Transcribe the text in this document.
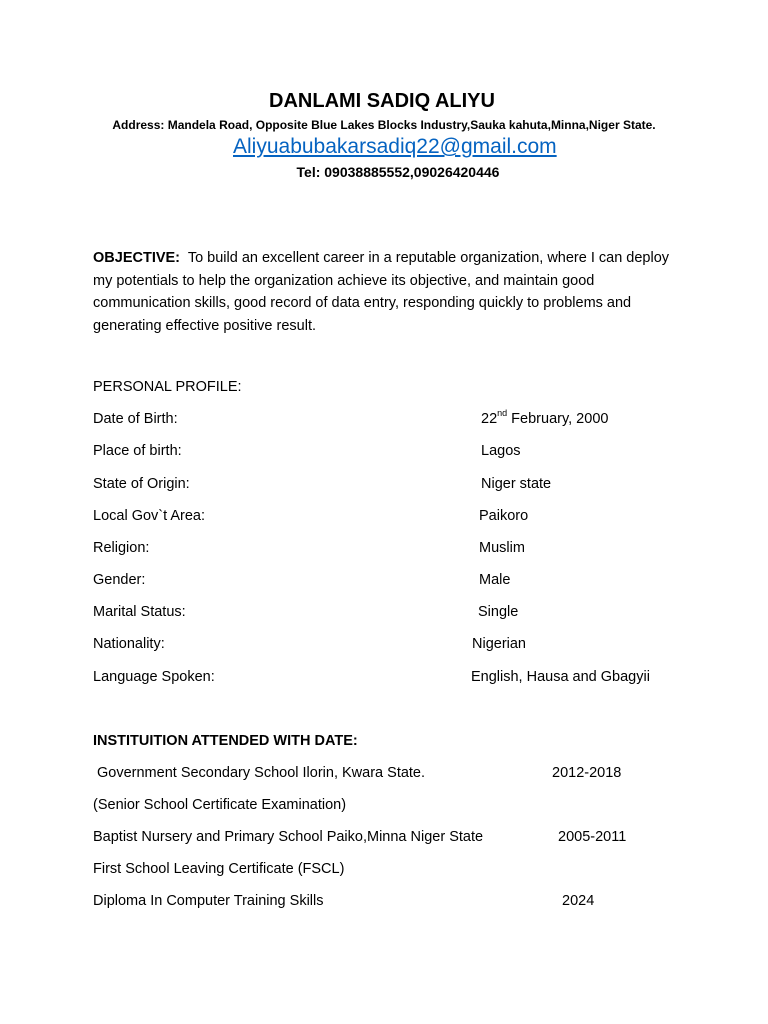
DANLAMI SADIQ ALIYU
Address: Mandela Road, Opposite Blue Lakes Blocks Industry,Sauka kahuta,Minna,Niger State.
Aliyuabubakarsadiq22@gmail.com
Tel: 09038885552,09026420446
OBJECTIVE: To build an excellent career in a reputable organization, where I can deploy my potentials to help the organization achieve its objective, and maintain good communication skills, good record of data entry, responding quickly to problems and generating effective positive result.
PERSONAL PROFILE:
Date of Birth:	22nd February, 2000
Place of birth:	Lagos
State of Origin:	Niger state
Local Gov`t Area:	Paikoro
Religion:	Muslim
Gender:	Male
Marital Status:	Single
Nationality:	Nigerian
Language Spoken:	English, Hausa and Gbagyii
INSTITUITION ATTENDED WITH DATE:
Government Secondary School Ilorin, Kwara State.	2012-2018
(Senior School Certificate Examination)
Baptist Nursery and Primary School Paiko,Minna Niger State	2005-2011
First School Leaving Certificate (FSCL)
Diploma In Computer Training Skills	2024
